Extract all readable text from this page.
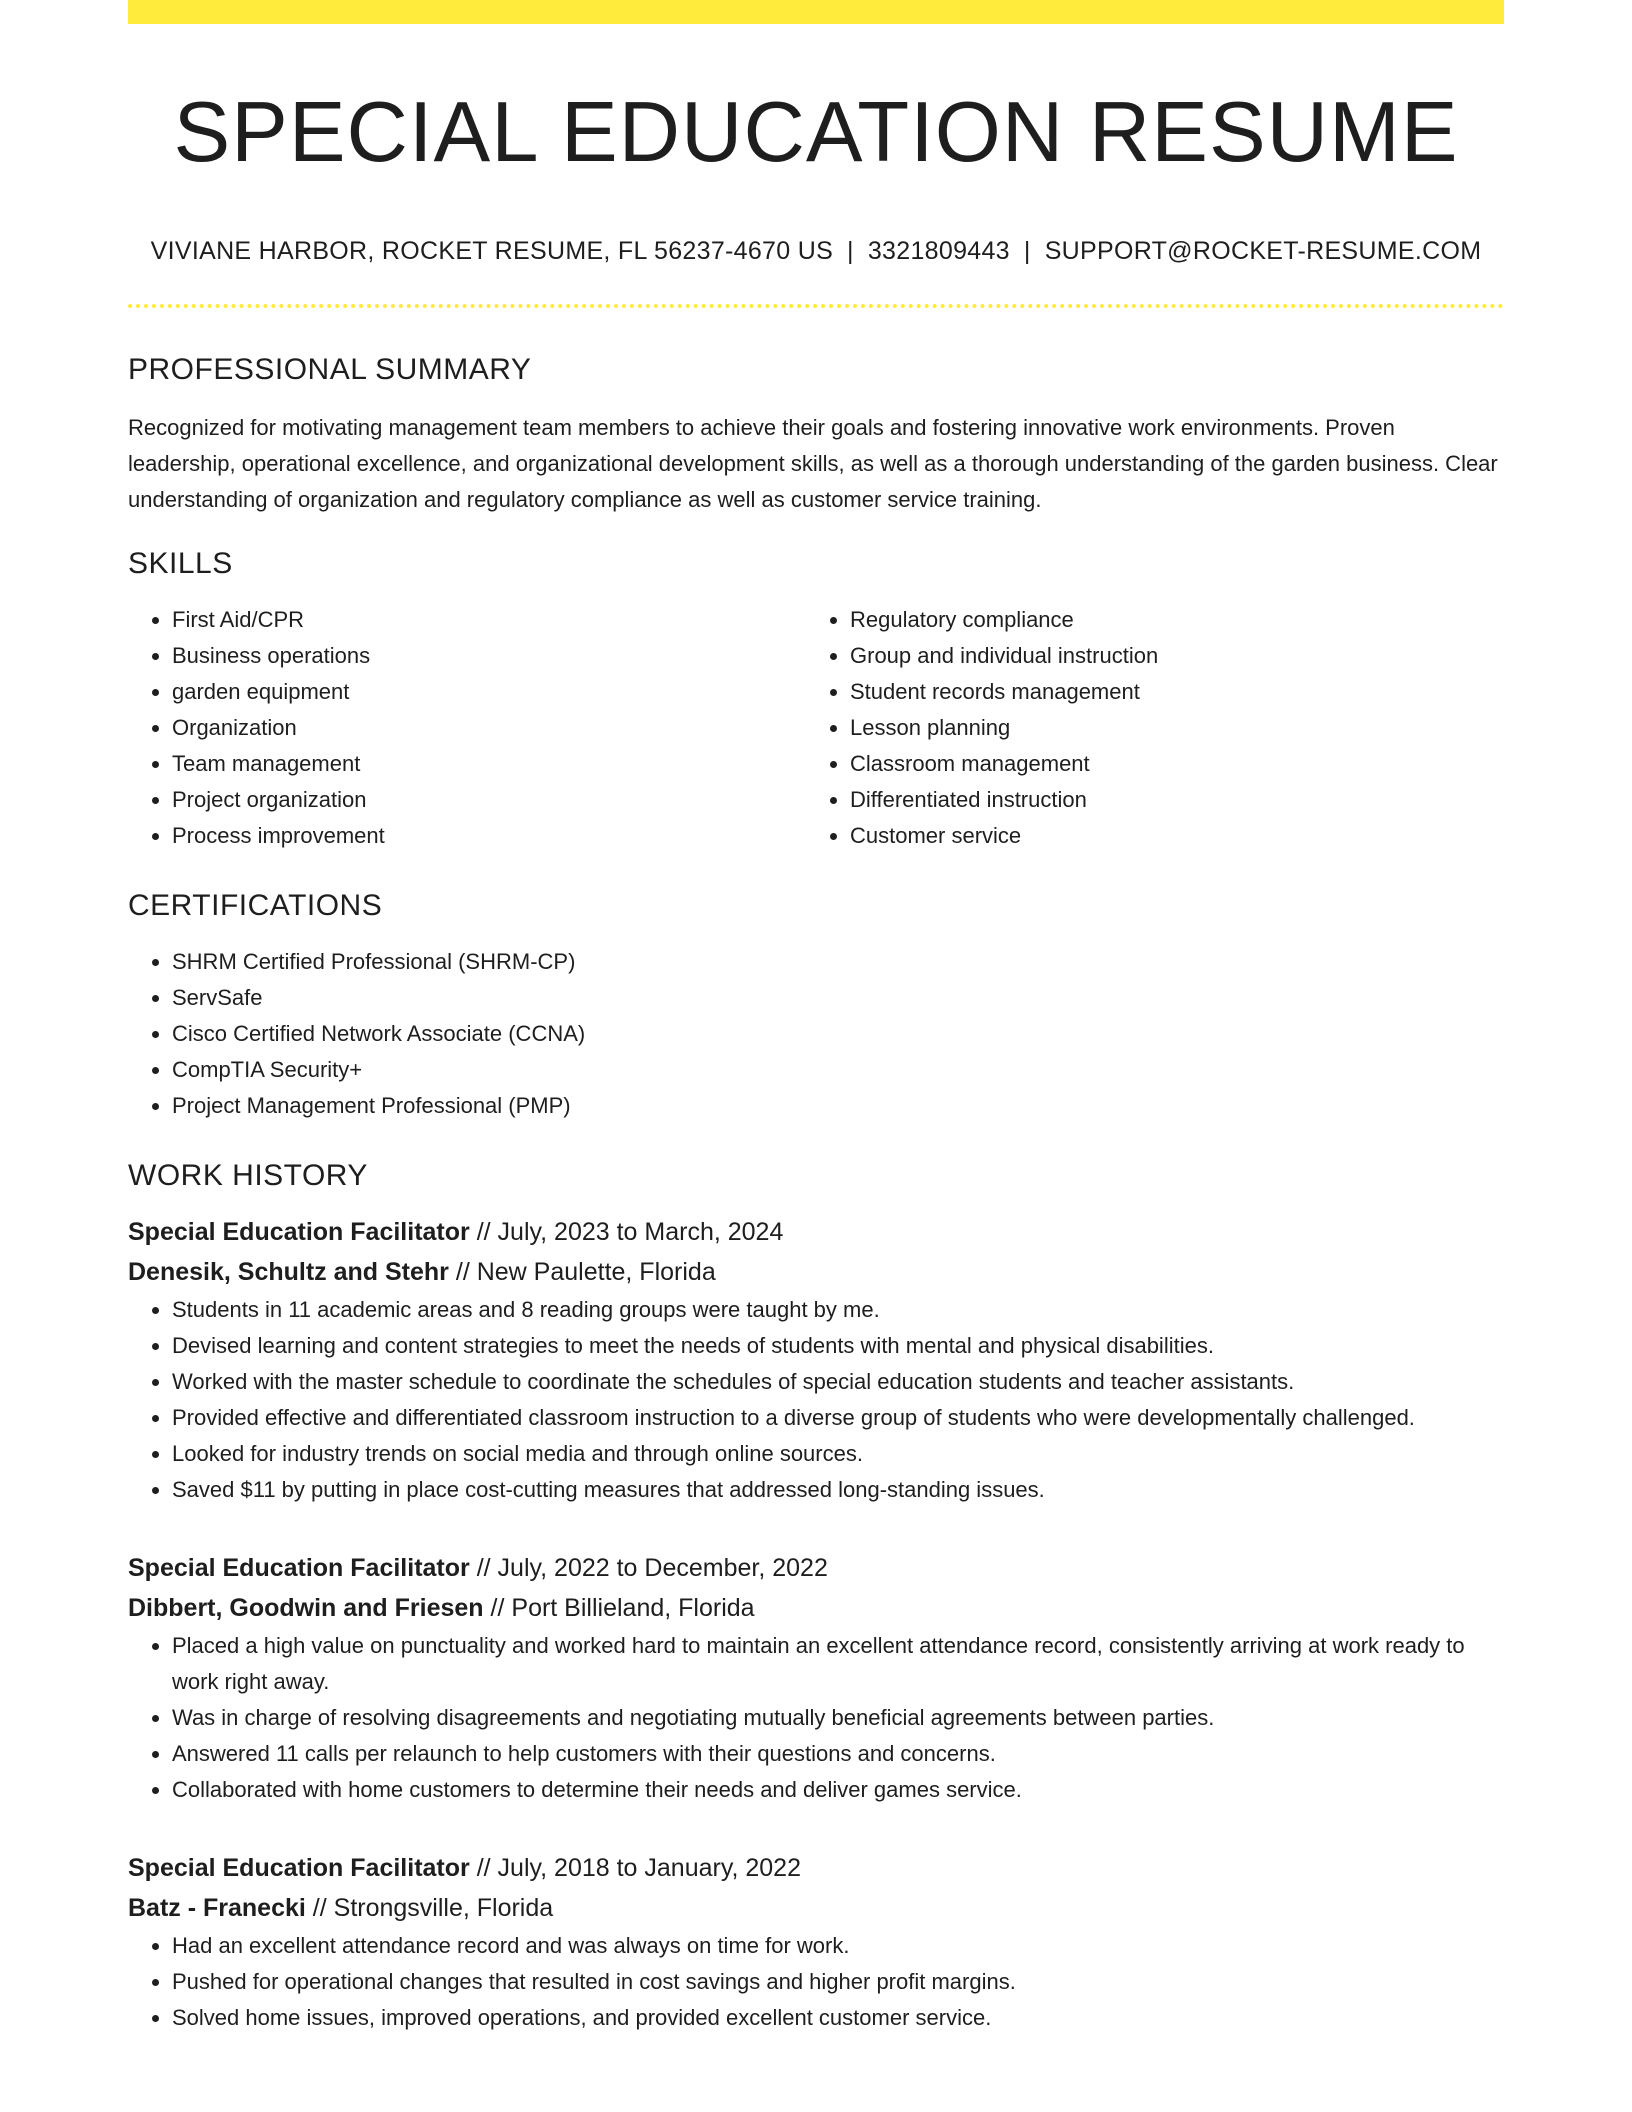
SPECIAL EDUCATION RESUME
VIVIANE HARBOR, ROCKET RESUME, FL 56237-4670 US | 3321809443 | SUPPORT@ROCKET-RESUME.COM
PROFESSIONAL SUMMARY

Recognized for motivating management team members to achieve their goals and fostering innovative work environments. Proven leadership, operational excellence, and organizational development skills, as well as a thorough understanding of the garden business. Clear understanding of organization and regulatory compliance as well as customer service training.

SKILLS
• First Aid/CPR
• Business operations
• garden equipment
• Organization
• Team management
• Project organization
• Process improvement
• Regulatory compliance
• Group and individual instruction
• Student records management
• Lesson planning
• Classroom management
• Differentiated instruction
• Customer service
CERTIFICATIONS
• SHRM Certified Professional (SHRM-CP)
• ServSafe
• Cisco Certified Network Associate (CCNA)
• CompTIA Security+
• Project Management Professional (PMP)
WORK HISTORY
Special Education Facilitator // July, 2023 to March, 2024
Denesik, Schultz and Stehr // New Paulette, Florida
• Students in 11 academic areas and 8 reading groups were taught by me.
• Devised learning and content strategies to meet the needs of students with mental and physical disabilities.
• Worked with the master schedule to coordinate the schedules of special education students and teacher assistants.
• Provided effective and differentiated classroom instruction to a diverse group of students who were developmentally challenged.
• Looked for industry trends on social media and through online sources.
• Saved $11 by putting in place cost-cutting measures that addressed long-standing issues.
Special Education Facilitator // July, 2022 to December, 2022
Dibbert, Goodwin and Friesen // Port Billieland, Florida
• Placed a high value on punctuality and worked hard to maintain an excellent attendance record, consistently arriving at work ready to work right away.
• Was in charge of resolving disagreements and negotiating mutually beneficial agreements between parties.
• Answered 11 calls per relaunch to help customers with their questions and concerns.
• Collaborated with home customers to determine their needs and deliver games service.
Special Education Facilitator // July, 2018 to January, 2022
Batz - Franecki // Strongsville, Florida
• Had an excellent attendance record and was always on time for work.
• Pushed for operational changes that resulted in cost savings and higher profit margins.
• Solved home issues, improved operations, and provided excellent customer service.
